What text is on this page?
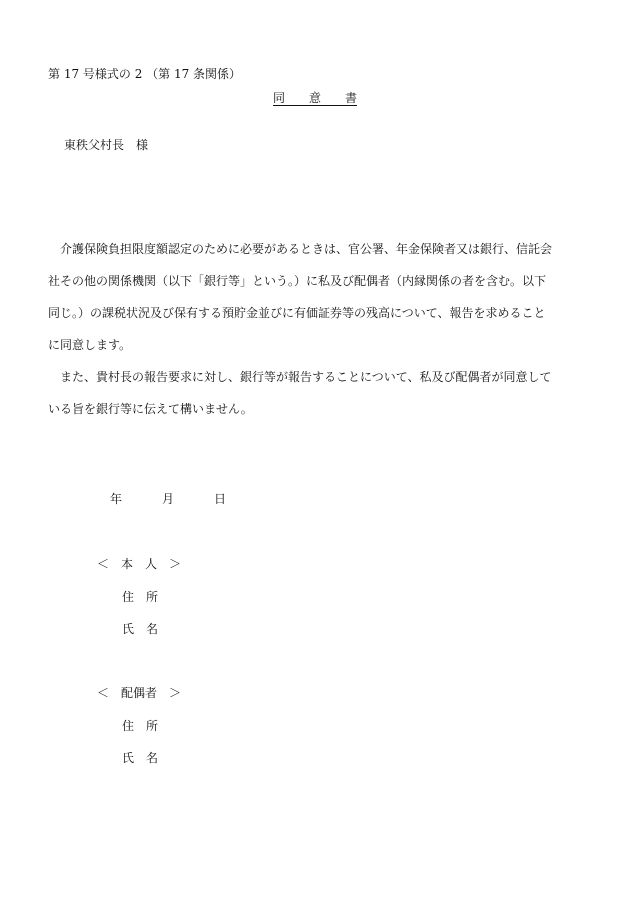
第 17 号様式の 2 （第 17 条関係）
同　　意　　書
東秩父村長　様

介護保険負担限度額認定のために必要があるときは、官公署、年金保険者又は銀行、信託会
社その他の関係機関（以下「銀行等」という。）に私及び配偶者（内縁関係の者を含む。以下
同じ。）の課税状況及び保有する預貯金並びに有価証券等の残高について、報告を求めること
に同意します。

また、貴村長の報告要求に対し、銀行等が報告することについて、私及び配偶者が同意して
いる旨を銀行等に伝えて構いません。

年	月	日
＜　本　人　＞
住　所
氏　名
＜　配偶者　＞
住　所
氏　名
